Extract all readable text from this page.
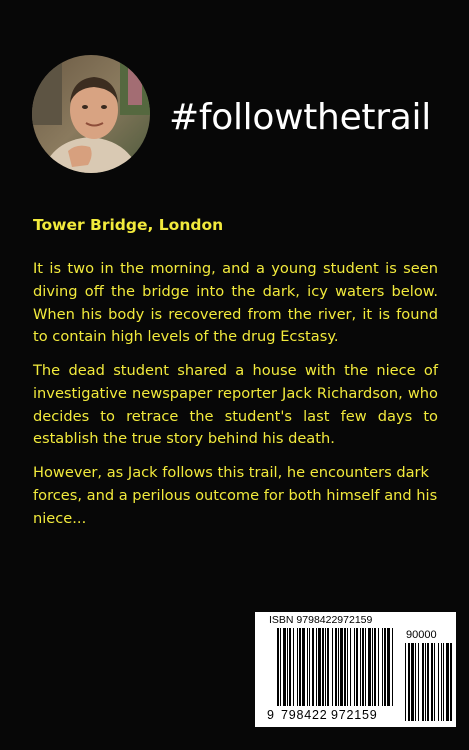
#followthetrail
Tower Bridge, London

It is two in the morning, and a young student is seen diving off the bridge into the dark, icy waters below. When his body is recovered from the river, it is found to contain high levels of the drug Ecstasy.

The dead student shared a house with the niece of investigative newspaper reporter Jack Richardson, who decides to retrace the student's last few days to establish the true story behind his death.

However, as Jack follows this trail, he encounters dark forces, and a perilous outcome for both himself and his niece...

ISBN 9798422972159
90000
9 798422 972159
